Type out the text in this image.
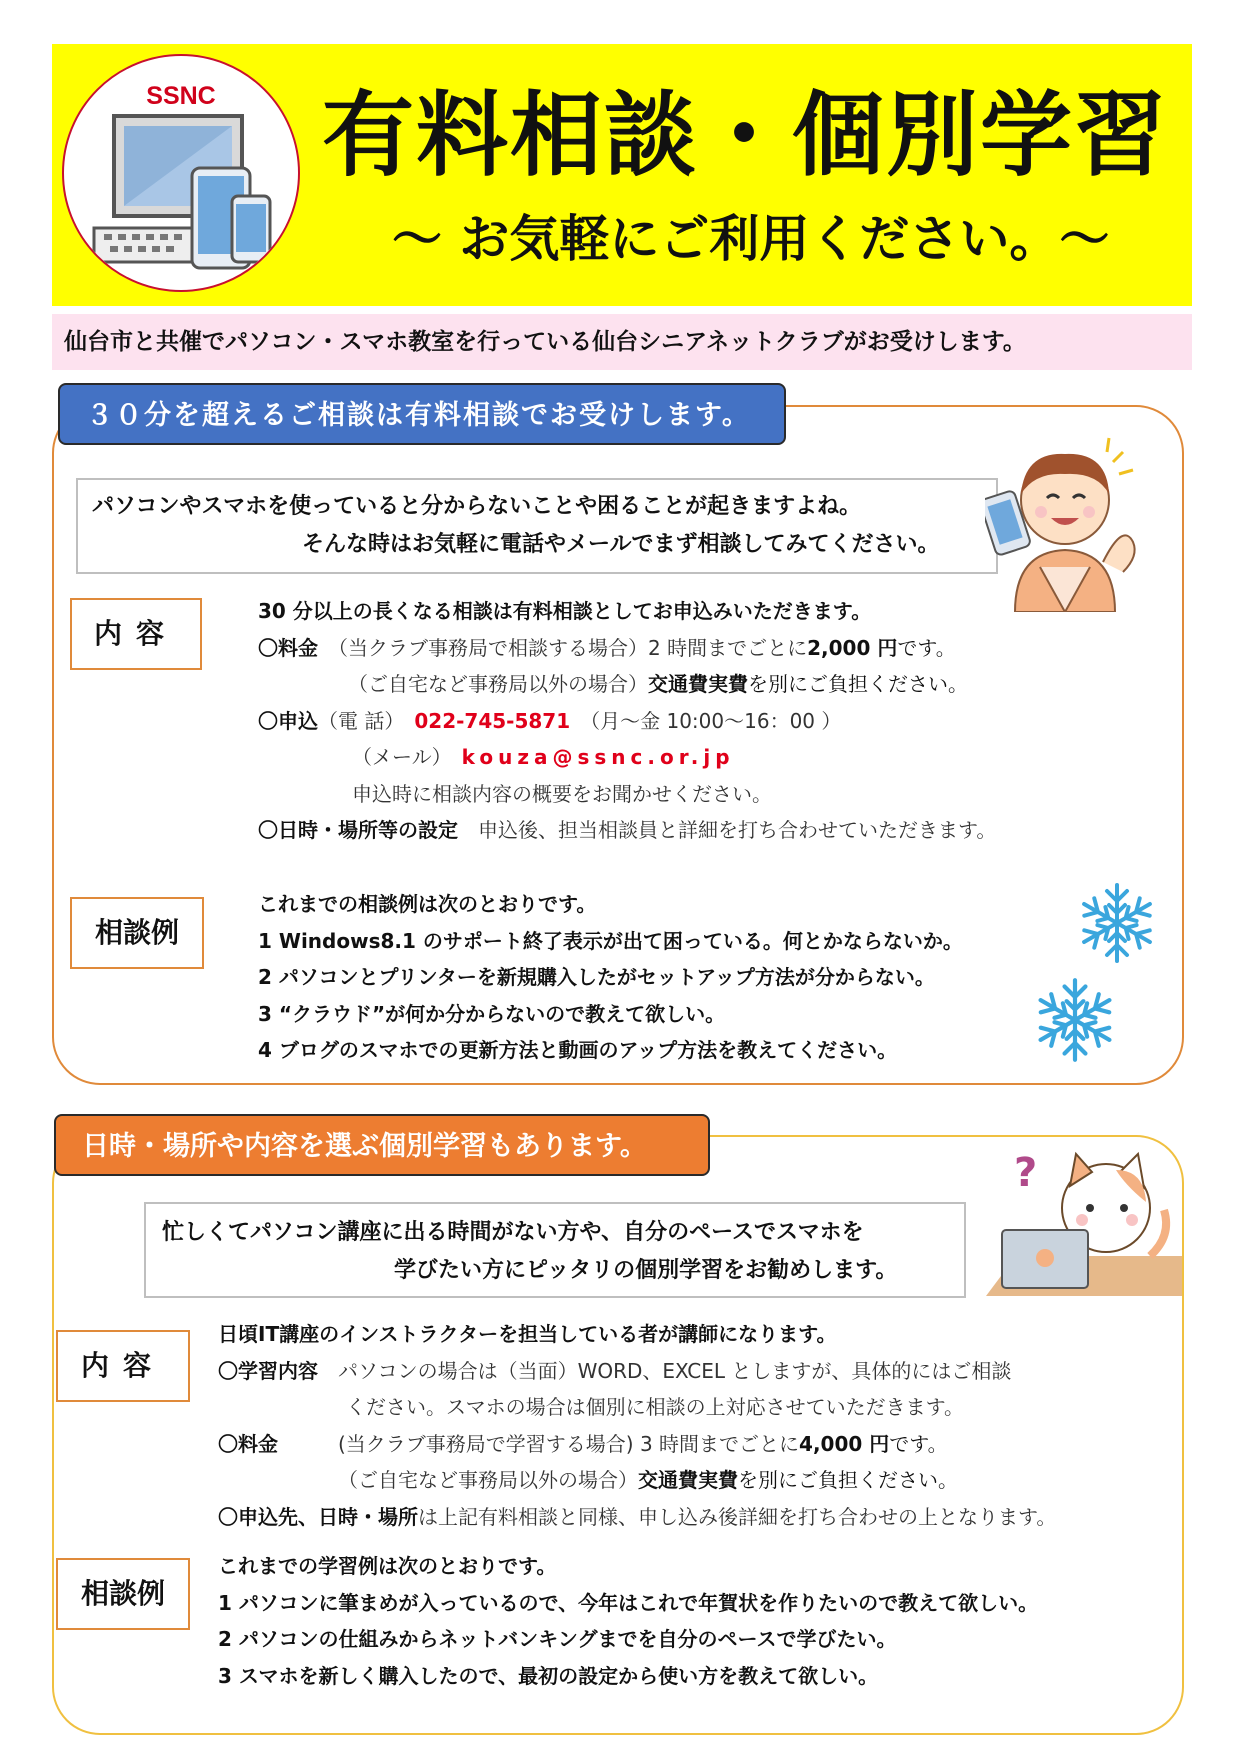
SSNC	有料相談・個別学習
～ お気軽にご利用ください。～
仙台市と共催でパソコン・スマホ教室を行っている仙台シニアネットクラブがお受けします。
３０分を超えるご相談は有料相談でお受けします。
パソコンやスマホを使っていると分からないことや困ることが起きますよね。
そんな時はお気軽に電話やメールでまず相談してみてください。
内容
30 分以上の長くなる相談は有料相談としてお申込みいただきます。
〇料金　 （当クラブ事務局で相談する場合）2 時間までごとに2,000 円です。
（ご自宅など事務局以外の場合）交通費実費を別にご負担ください。
〇申込（電 話）　 022-745-5871　 （月～金 10:00～16：00 ）
（メール）　 kouza@ssnc.or.jp
申込時に相談内容の概要をお聞かせください。
〇日時・場所等の設定　 申込後、担当相談員と詳細を打ち合わせていただきます。
相談例
これまでの相談例は次のとおりです。
1 Windows8.1 のサポート終了表示が出て困っている。何とかならないか。
2 パソコンとプリンターを新規購入したがセットアップ方法が分からない。
3 “クラウド”が何か分からないので教えて欲しい。
4 ブログのスマホでの更新方法と動画のアップ方法を教えてください。
日時・場所や内容を選ぶ個別学習もあります。
忙しくてパソコン講座に出る時間がない方や、自分のペースでスマホを
学びたい方にピッタリの個別学習をお勧めします。
?
内容
日頃IT講座のインストラクターを担当している者が講師になります。
〇学習内容　 パソコンの場合は（当面）WORD、EXCEL としますが、具体的にはご相談
ください。スマホの場合は個別に相談の上対応させていただきます。
〇料金　　　	(当クラブ事務局で学習する場合) 3 時間までごとに4,000 円です。
（ご自宅など事務局以外の場合）交通費実費を別にご負担ください。
〇申込先、日時・場所は上記有料相談と同様、申し込み後詳細を打ち合わせの上となります。
相談例
これまでの学習例は次のとおりです。
1 パソコンに筆まめが入っているので、今年はこれで年賀状を作りたいので教えて欲しい。
2 パソコンの仕組みからネットバンキングまでを自分のペースで学びたい。
3 スマホを新しく購入したので、最初の設定から使い方を教えて欲しい。
